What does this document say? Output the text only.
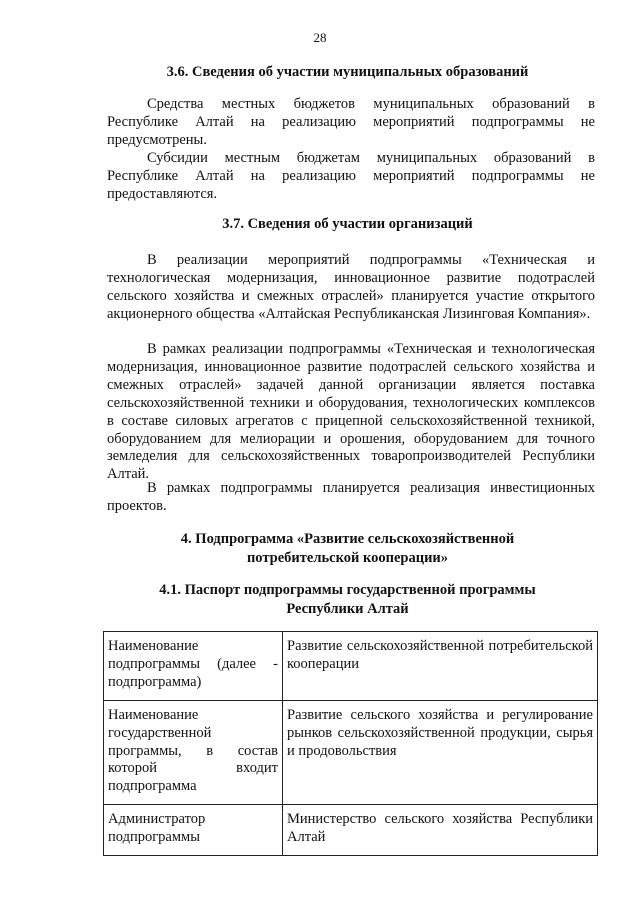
28
3.6. Сведения об участии муниципальных образований

Средства местных бюджетов муниципальных образований в Республике Алтай на реализацию мероприятий подпрограммы не предусмотрены.

Субсидии местным бюджетам муниципальных образований в Республике Алтай на реализацию мероприятий подпрограммы не предоставляются.

3.7. Сведения об участии организаций

В реализации мероприятий подпрограммы «Техническая и технологическая модернизация, инновационное развитие подотраслей сельского хозяйства и смежных отраслей» планируется участие открытого акционерного общества «Алтайская Республиканская Лизинговая Компания».

В рамках реализации подпрограммы «Техническая и технологическая модернизация, инновационное развитие подотраслей сельского хозяйства и смежных отраслей» задачей данной организации является поставка сельскохозяйственной техники и оборудования, технологических комплексов в составе силовых агрегатов с прицепной сельскохозяйственной техникой, оборудованием для мелиорации и орошения, оборудованием для точного земледелия для сельскохозяйственных товаропроизводителей Республики Алтай.

В рамках подпрограммы планируется реализация инвестиционных проектов.

4. Подпрограмма «Развитие сельскохозяйственной
потребительской кооперации»
4.1. Паспорт подпрограммы государственной программы
Республики Алтай
Наименование подпрограммы (далее - подпрограмма)	Развитие сельскохозяйственной потребительской кооперации
Наименование государственной программы, в состав которой входит подпрограмма	Развитие сельского хозяйства и регулирование рынков сельскохозяйственной продукции, сырья и продовольствия
Администратор подпрограммы	Министерство сельского хозяйства Республики Алтай
